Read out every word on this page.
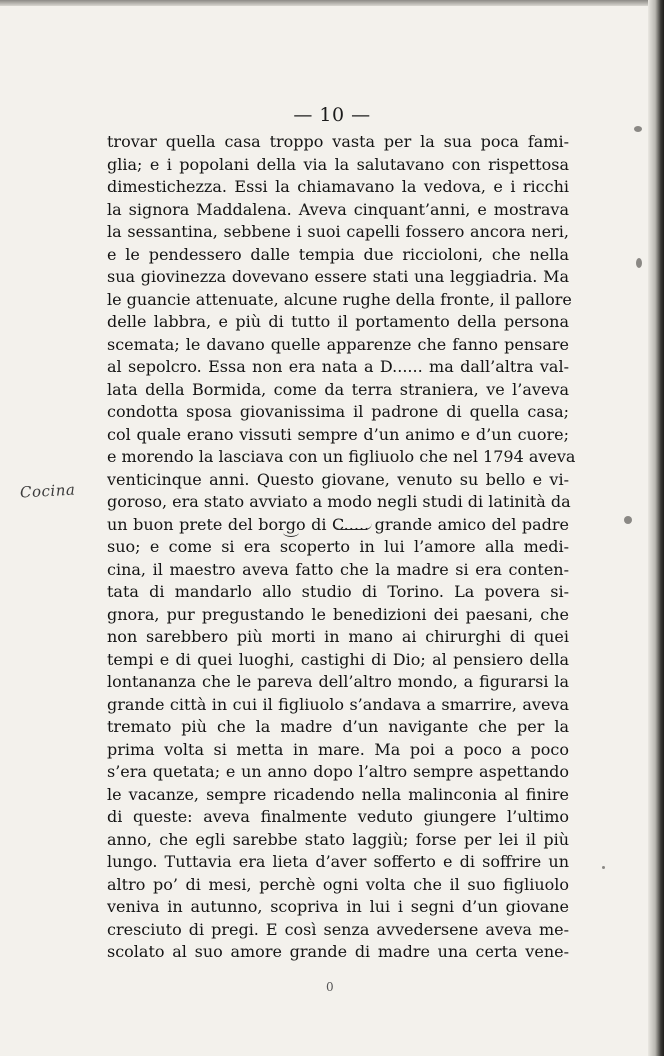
— 10 —
trovar quella casa troppo vasta per la sua poca fami-
glia; e i popolani della via la salutavano con rispettosa
dimestichezza. Essi la chiamavano la vedova, e i ricchi
la signora Maddalena. Aveva cinquant’anni, e mostrava
la sessantina, sebbene i suoi capelli fossero ancora neri,
e le pendessero dalle tempia due riccioloni, che nella
sua giovinezza dovevano essere stati una leggiadria. Ma
le guancie attenuate, alcune rughe della fronte, il pallore
delle labbra, e più di tutto il portamento della persona
scemata; le davano quelle apparenze che fanno pensare
al sepolcro. Essa non era nata a D...... ma dall’altra val-
lata della Bormida, come da terra straniera, ve l’aveva
condotta sposa giovanissima il padrone di quella casa;
col quale erano vissuti sempre d’un animo e d’un cuore;
e morendo la lasciava con un figliuolo che nel 1794 aveva
venticinque anni. Questo giovane, venuto su bello e vi-
goroso, era stato avviato a modo negli studi di latinità da
un buon prete del borgo di C..... grande amico del padre
suo; e come si era scoperto in lui l’amore alla medi-
cina, il maestro aveva fatto che la madre si era conten-
tata di mandarlo allo studio di Torino. La povera si-
gnora, pur pregustando le benedizioni dei paesani, che
non sarebbero più morti in mano ai chirurghi di quei
tempi e di quei luoghi, castighi di Dio; al pensiero della
lontananza che le pareva dell’altro mondo, a figurarsi la
grande città in cui il figliuolo s’andava a smarrire, aveva
tremato più che la madre d’un navigante che per la
prima volta si metta in mare. Ma poi a poco a poco
s’era quetata; e un anno dopo l’altro sempre aspettando
le vacanze, sempre ricadendo nella malinconia al finire
di queste: aveva finalmente veduto giungere l’ultimo
anno, che egli sarebbe stato laggiù; forse per lei il più
lungo. Tuttavia era lieta d’aver sofferto e di soffrire un
altro po’ di mesi, perchè ogni volta che il suo figliuolo
veniva in autunno, scopriva in lui i segni d’un giovane
cresciuto di pregi. E così senza avvedersene aveva me-
scolato al suo amore grande di madre una certa vene-
Cocina
0
